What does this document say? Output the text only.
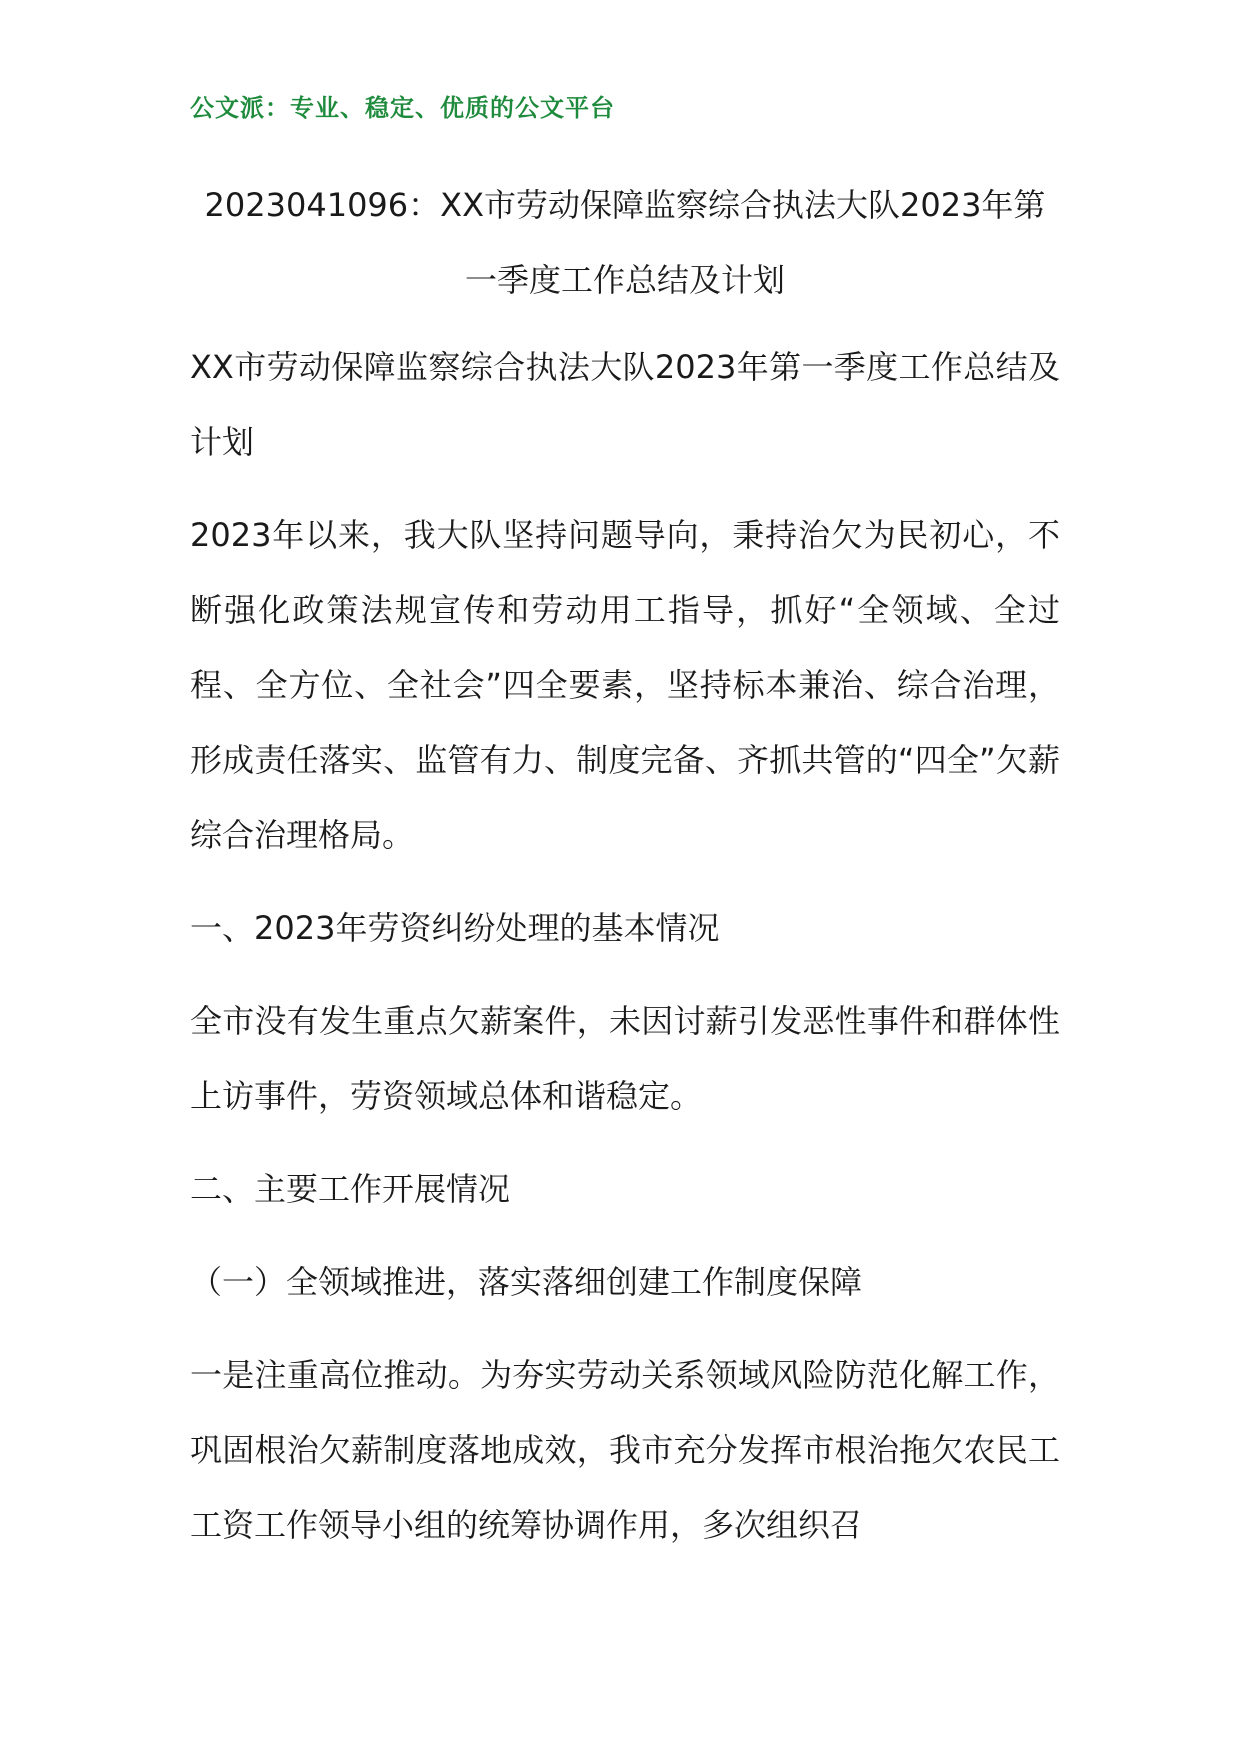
公文派：专业、稳定、优质的公文平台
2023041096：XX市劳动保障监察综合执法大队2023年第一季度工作总结及计划

XX市劳动保障监察综合执法大队2023年第一季度工作总结及计划

2023年以来，我大队坚持问题导向，秉持治欠为民初心，不断强化政策法规宣传和劳动用工指导，抓好“全领域、全过程、全方位、全社会”四全要素，坚持标本兼治、综合治理，形成责任落实、监管有力、制度完备、齐抓共管的“四全”欠薪综合治理格局。

一、2023年劳资纠纷处理的基本情况

全市没有发生重点欠薪案件，未因讨薪引发恶性事件和群体性上访事件，劳资领域总体和谐稳定。

二、主要工作开展情况

（一）全领域推进，落实落细创建工作制度保障

一是注重高位推动。为夯实劳动关系领域风险防范化解工作，巩固根治欠薪制度落地成效，我市充分发挥市根治拖欠农民工工资工作领导小组的统筹协调作用，多次组织召
